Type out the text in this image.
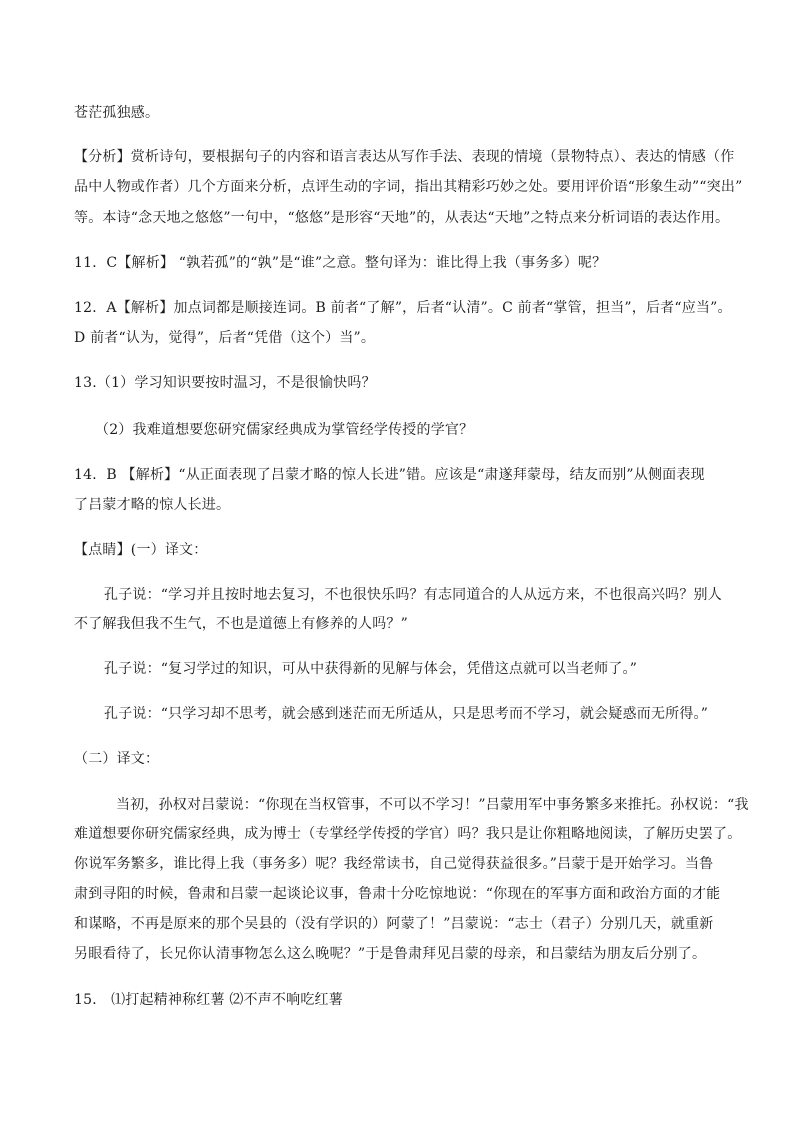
苍茫孤独感。
【分析】赏析诗句，要根据句子的内容和语言表达从写作手法、表现的情境（景物特点）、表达的情感（作
品中人物或作者）几个方面来分析，点评生动的字词，指出其精彩巧妙之处。要用评价语“形象生动”“突出”
等。本诗“念天地之悠悠”一句中，“悠悠”是形容“天地”的，从表达“天地”之特点来分析词语的表达作用。
11．C【解析】 “孰若孤”的“孰”是“谁”之意。整句译为：谁比得上我（事务多）呢？
12．A【解析】加点词都是顺接连词。B 前者“了解”，后者“认清”。C 前者“掌管，担当”，后者“应当”。
D 前者“认为，觉得”，后者“凭借（这个）当”。
13.（1）学习知识要按时温习，不是很愉快吗？
（2）我难道想要您研究儒家经典成为掌管经学传授的学官？
14．B 【解析】“从正面表现了吕蒙才略的惊人长进”错。应该是“肃遂拜蒙母，结友而别”从侧面表现
了吕蒙才略的惊人长进。
【点睛】(一）译文：
孔子说：“学习并且按时地去复习，不也很快乐吗？有志同道合的人从远方来，不也很高兴吗？别人
不了解我但我不生气，不也是道德上有修养的人吗？”
孔子说：“复习学过的知识，可从中获得新的见解与体会，凭借这点就可以当老师了。”
孔子说：“只学习却不思考，就会感到迷茫而无所适从，只是思考而不学习，就会疑惑而无所得。”
（二）译文：
当初，孙权对吕蒙说：“你现在当权管事，不可以不学习！”吕蒙用军中事务繁多来推托。孙权说：“我
难道想要你研究儒家经典，成为博士（专掌经学传授的学官）吗？我只是让你粗略地阅读，了解历史罢了。
你说军务繁多，谁比得上我（事务多）呢？我经常读书，自己觉得获益很多。”吕蒙于是开始学习。当鲁
肃到寻阳的时候，鲁肃和吕蒙一起谈论议事，鲁肃十分吃惊地说：“你现在的军事方面和政治方面的才能
和谋略，不再是原来的那个吴县的（没有学识的）阿蒙了！”吕蒙说：“志士（君子）分别几天，就重新
另眼看待了，长兄你认清事物怎么这么晚呢？”于是鲁肃拜见吕蒙的母亲，和吕蒙结为朋友后分别了。
15． ⑴打起精神称红薯 ⑵不声不响吃红薯
